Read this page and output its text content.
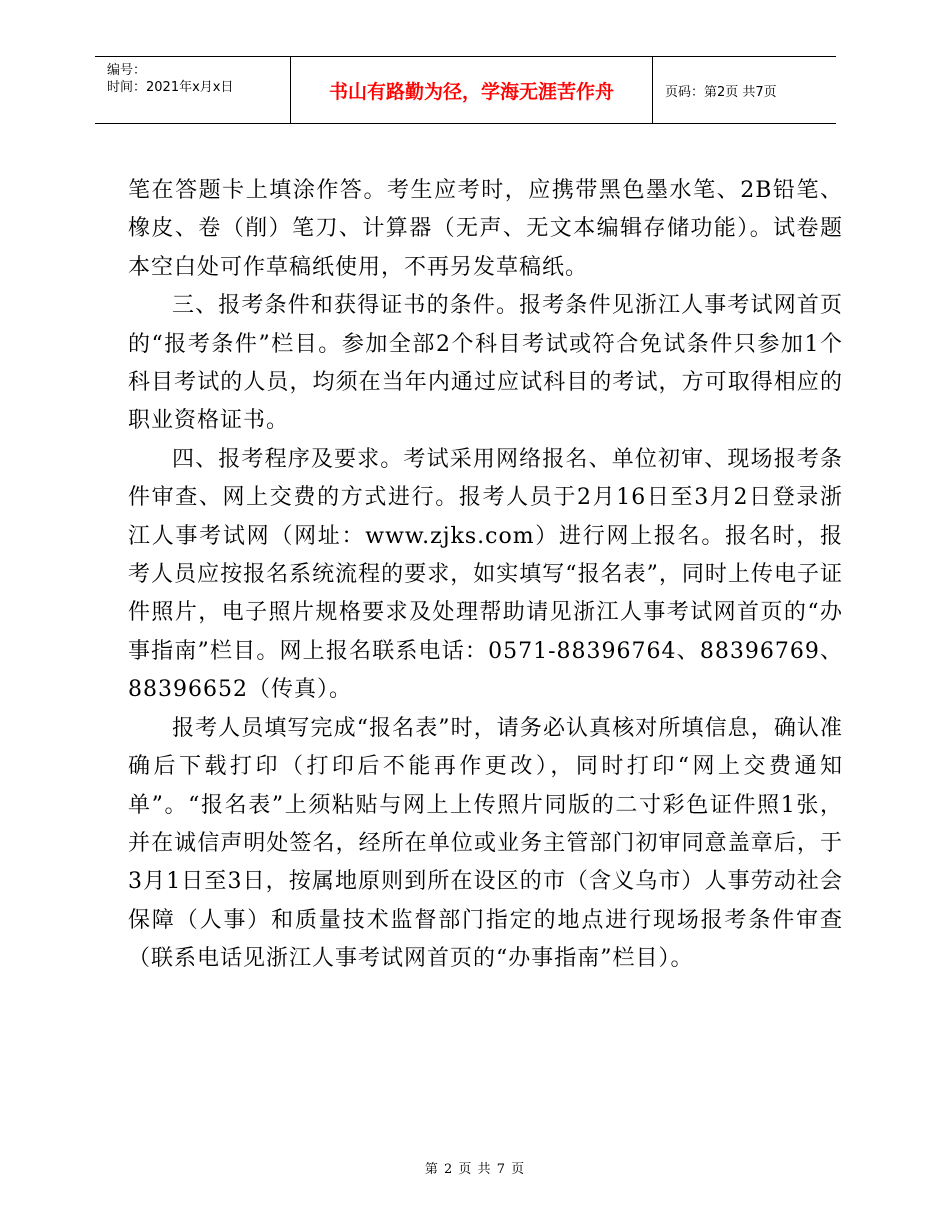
编号：
时间：2021年x月x日	书山有路勤为径，学海无涯苦作舟	页码：第2页 共7页

笔在答题卡上填涂作答。考生应考时，应携带黑色墨水笔、2B铅笔、橡皮、卷（削）笔刀、计算器（无声、无文本编辑存储功能）。试卷题本空白处可作草稿纸使用，不再另发草稿纸。

三、报考条件和获得证书的条件。报考条件见浙江人事考试网首页的“报考条件”栏目。参加全部2个科目考试或符合免试条件只参加1个科目考试的人员，均须在当年内通过应试科目的考试，方可取得相应的职业资格证书。

四、报考程序及要求。考试采用网络报名、单位初审、现场报考条件审查、网上交费的方式进行。报考人员于2月16日至3月2日登录浙江人事考试网（网址：www.zjks.com）进行网上报名。报名时，报考人员应按报名系统流程的要求，如实填写“报名表”，同时上传电子证件照片，电子照片规格要求及处理帮助请见浙江人事考试网首页的“办事指南”栏目。网上报名联系电话：0571-88396764、88396769、88396652（传真）。

报考人员填写完成“报名表”时，请务必认真核对所填信息，确认准确后下载打印（打印后不能再作更改），同时打印“网上交费通知单”。“报名表”上须粘贴与网上上传照片同版的二寸彩色证件照1张，并在诚信声明处签名，经所在单位或业务主管部门初审同意盖章后，于3月1日至3日，按属地原则到所在设区的市（含义乌市）人事劳动社会保障（人事）和质量技术监督部门指定的地点进行现场报考条件审查（联系电话见浙江人事考试网首页的“办事指南”栏目）。

第 2 页 共 7 页
